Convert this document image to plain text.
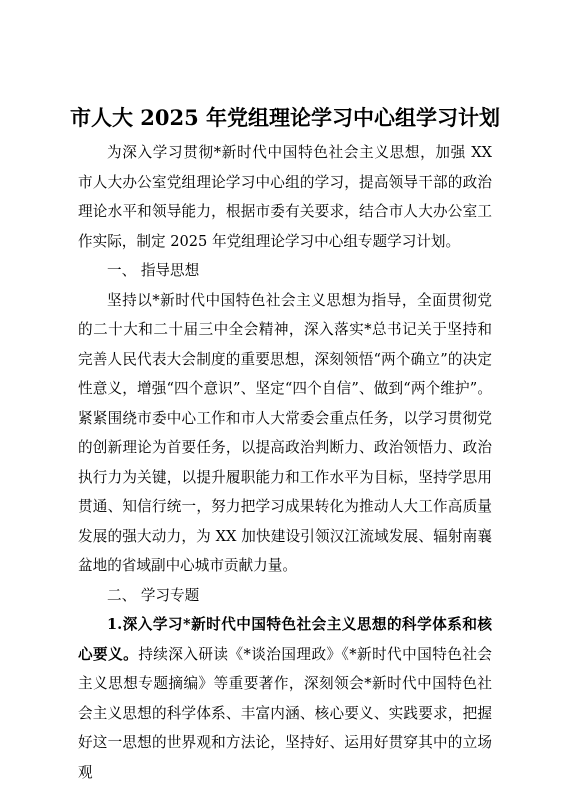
市人大 2025 年党组理论学习中心组学习计划

为深入学习贯彻*新时代中国特色社会主义思想，加强 XX 市人大办公室党组理论学习中心组的学习，提高领导干部的政治理论水平和领导能力，根据市委有关要求，结合市人大办公室工作实际，制定 2025 年党组理论学习中心组专题学习计划。

一、 指导思想

坚持以*新时代中国特色社会主义思想为指导，全面贯彻党的二十大和二十届三中全会精神，深入落实*总书记关于坚持和完善人民代表大会制度的重要思想，深刻领悟“两个确立”的决定性意义，增强“四个意识”、坚定“四个自信”、做到“两个维护”。紧紧围绕市委中心工作和市人大常委会重点任务，以学习贯彻党的创新理论为首要任务，以提高政治判断力、政治领悟力、政治执行力为关键，以提升履职能力和工作水平为目标，坚持学思用贯通、知信行统一，努力把学习成果转化为推动人大工作高质量发展的强大动力，为 XX 加快建设引领汉江流域发展、辐射南襄盆地的省域副中心城市贡献力量。

二、 学习专题

1.深入学习*新时代中国特色社会主义思想的科学体系和核心要义。持续深入研读《*谈治国理政》《*新时代中国特色社会主义思想专题摘编》等重要著作，深刻领会*新时代中国特色社会主义思想的科学体系、丰富内涵、核心要义、实践要求，把握好这一思想的世界观和方法论，坚持好、运用好贯穿其中的立场观
